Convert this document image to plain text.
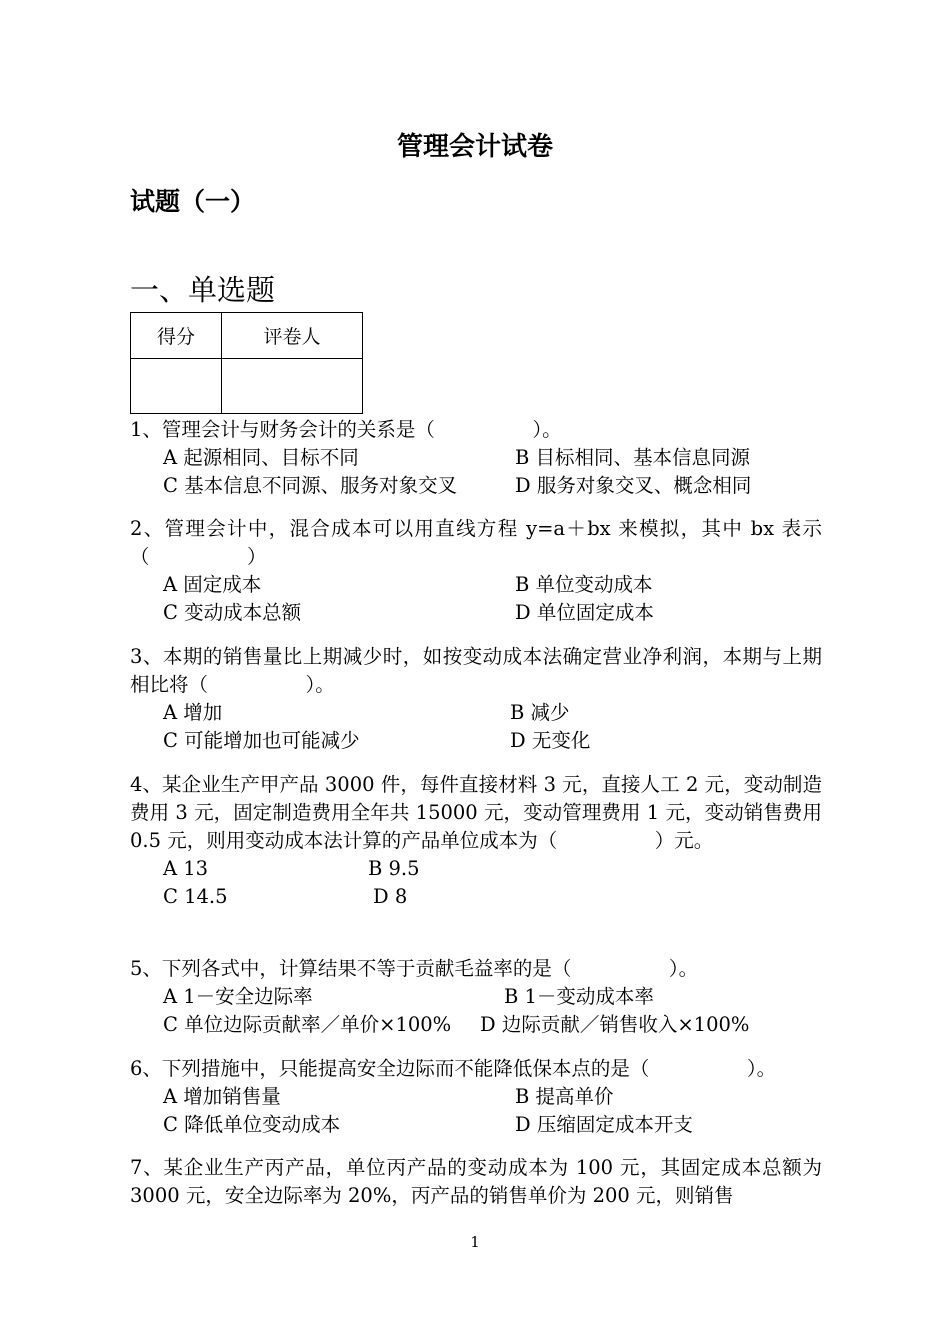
管理会计试卷
试题（一）
一、单选题
得分	评卷人

1、管理会计与财务会计的关系是（　　　　　）。

A 起源相同、目标不同	B 目标相同、基本信息同源
C 基本信息不同源、服务对象交叉	D 服务对象交叉、概念相同

2、管理会计中，混合成本可以用直线方程 y=a＋bx 来模拟，其中 bx 表示（　　　　　）

A 固定成本	B 单位变动成本
C 变动成本总额	D 单位固定成本

3、本期的销售量比上期减少时，如按变动成本法确定营业净利润，本期与上期相比将（　　　　　）。

A 增加	B 减少
C 可能增加也可能减少	D 无变化

4、某企业生产甲产品 3000 件，每件直接材料 3 元，直接人工 2 元，变动制造费用 3 元，固定制造费用全年共 15000 元，变动管理费用 1 元，变动销售费用 0.5 元，则用变动成本法计算的产品单位成本为（　　　　　）元。

A 13	B 9.5
C 14.5	D 8

5、下列各式中，计算结果不等于贡献毛益率的是（　　　　　）。

A 1－安全边际率	B 1－变动成本率
C 单位边际贡献率／单价×100% D 边际贡献／销售收入×100%

6、下列措施中，只能提高安全边际而不能降低保本点的是（　　　　　）。

A 增加销售量	B 提高单价
C 降低单位变动成本	D 压缩固定成本开支

7、某企业生产丙产品，单位丙产品的变动成本为 100 元，其固定成本总额为 3000 元，安全边际率为 20%，丙产品的销售单价为 200 元，则销售

1
